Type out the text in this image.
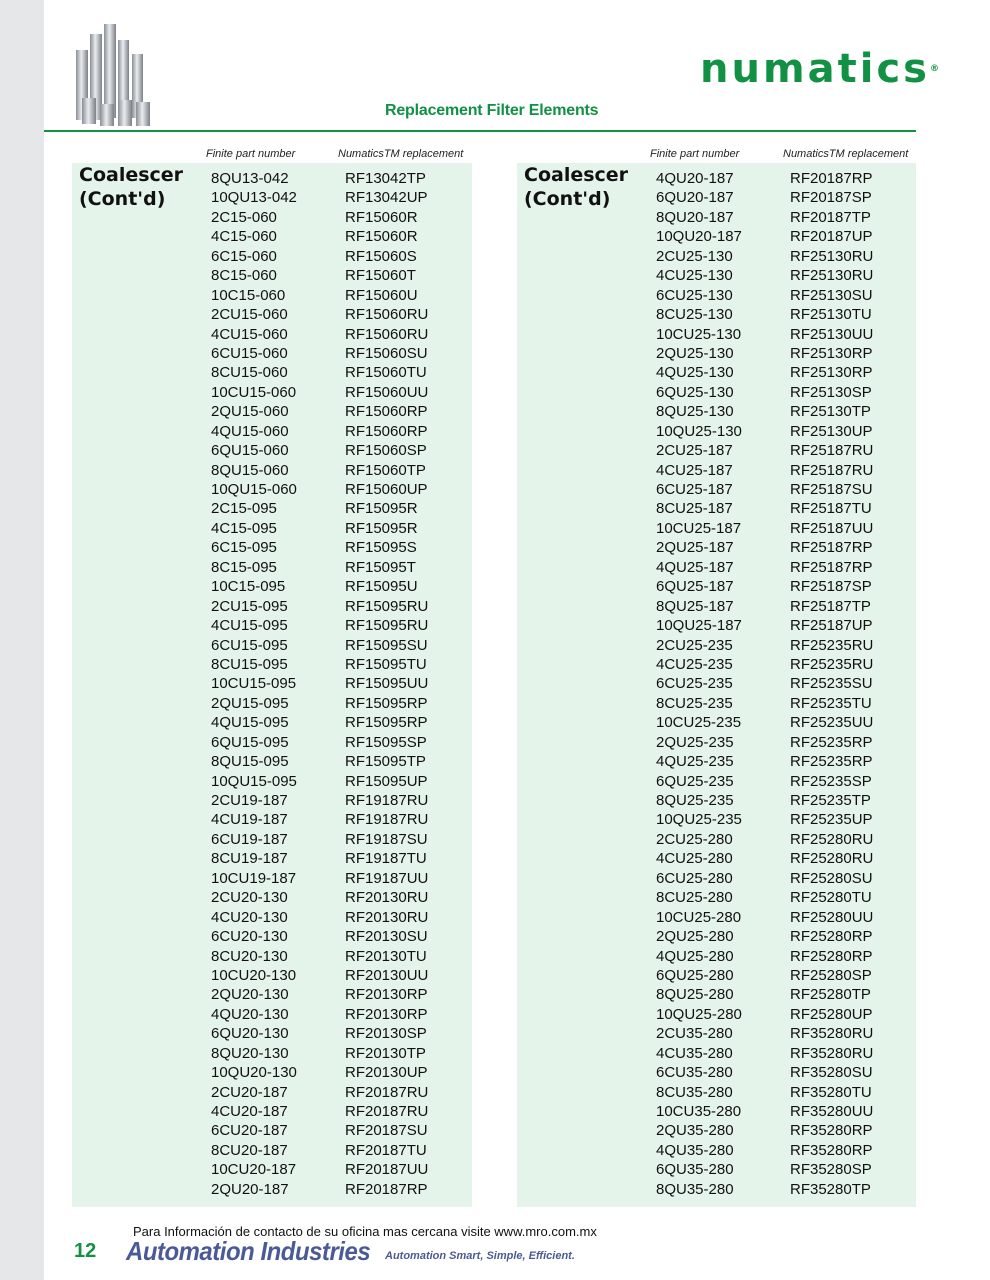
numatics®
Replacement Filter Elements
Finite part number	NumaticsTM replacement	Finite part number	NumaticsTM replacement
Coalescer
(Cont'd)
8QU13-042	RF13042TP
10QU13-042	RF13042UP
2C15-060	RF15060R
4C15-060	RF15060R
6C15-060	RF15060S
8C15-060	RF15060T
10C15-060	RF15060U
2CU15-060	RF15060RU
4CU15-060	RF15060RU
6CU15-060	RF15060SU
8CU15-060	RF15060TU
10CU15-060	RF15060UU
2QU15-060	RF15060RP
4QU15-060	RF15060RP
6QU15-060	RF15060SP
8QU15-060	RF15060TP
10QU15-060	RF15060UP
2C15-095	RF15095R
4C15-095	RF15095R
6C15-095	RF15095S
8C15-095	RF15095T
10C15-095	RF15095U
2CU15-095	RF15095RU
4CU15-095	RF15095RU
6CU15-095	RF15095SU
8CU15-095	RF15095TU
10CU15-095	RF15095UU
2QU15-095	RF15095RP
4QU15-095	RF15095RP
6QU15-095	RF15095SP
8QU15-095	RF15095TP
10QU15-095	RF15095UP
2CU19-187	RF19187RU
4CU19-187	RF19187RU
6CU19-187	RF19187SU
8CU19-187	RF19187TU
10CU19-187	RF19187UU
2CU20-130	RF20130RU
4CU20-130	RF20130RU
6CU20-130	RF20130SU
8CU20-130	RF20130TU
10CU20-130	RF20130UU
2QU20-130	RF20130RP
4QU20-130	RF20130RP
6QU20-130	RF20130SP
8QU20-130	RF20130TP
10QU20-130	RF20130UP
2CU20-187	RF20187RU
4CU20-187	RF20187RU
6CU20-187	RF20187SU
8CU20-187	RF20187TU
10CU20-187	RF20187UU
2QU20-187	RF20187RP
Coalescer
(Cont'd)
4QU20-187	RF20187RP
6QU20-187	RF20187SP
8QU20-187	RF20187TP
10QU20-187	RF20187UP
2CU25-130	RF25130RU
4CU25-130	RF25130RU
6CU25-130	RF25130SU
8CU25-130	RF25130TU
10CU25-130	RF25130UU
2QU25-130	RF25130RP
4QU25-130	RF25130RP
6QU25-130	RF25130SP
8QU25-130	RF25130TP
10QU25-130	RF25130UP
2CU25-187	RF25187RU
4CU25-187	RF25187RU
6CU25-187	RF25187SU
8CU25-187	RF25187TU
10CU25-187	RF25187UU
2QU25-187	RF25187RP
4QU25-187	RF25187RP
6QU25-187	RF25187SP
8QU25-187	RF25187TP
10QU25-187	RF25187UP
2CU25-235	RF25235RU
4CU25-235	RF25235RU
6CU25-235	RF25235SU
8CU25-235	RF25235TU
10CU25-235	RF25235UU
2QU25-235	RF25235RP
4QU25-235	RF25235RP
6QU25-235	RF25235SP
8QU25-235	RF25235TP
10QU25-235	RF25235UP
2CU25-280	RF25280RU
4CU25-280	RF25280RU
6CU25-280	RF25280SU
8CU25-280	RF25280TU
10CU25-280	RF25280UU
2QU25-280	RF25280RP
4QU25-280	RF25280RP
6QU25-280	RF25280SP
8QU25-280	RF25280TP
10QU25-280	RF25280UP
2CU35-280	RF35280RU
4CU35-280	RF35280RU
6CU35-280	RF35280SU
8CU35-280	RF35280TU
10CU35-280	RF35280UU
2QU35-280	RF35280RP
4QU35-280	RF35280RP
6QU35-280	RF35280SP
8QU35-280	RF35280TP
Para Información de contacto de su oficina mas cercana visite www.mro.com.mx
12 Automation Industries Automation Smart, Simple, Efficient.
